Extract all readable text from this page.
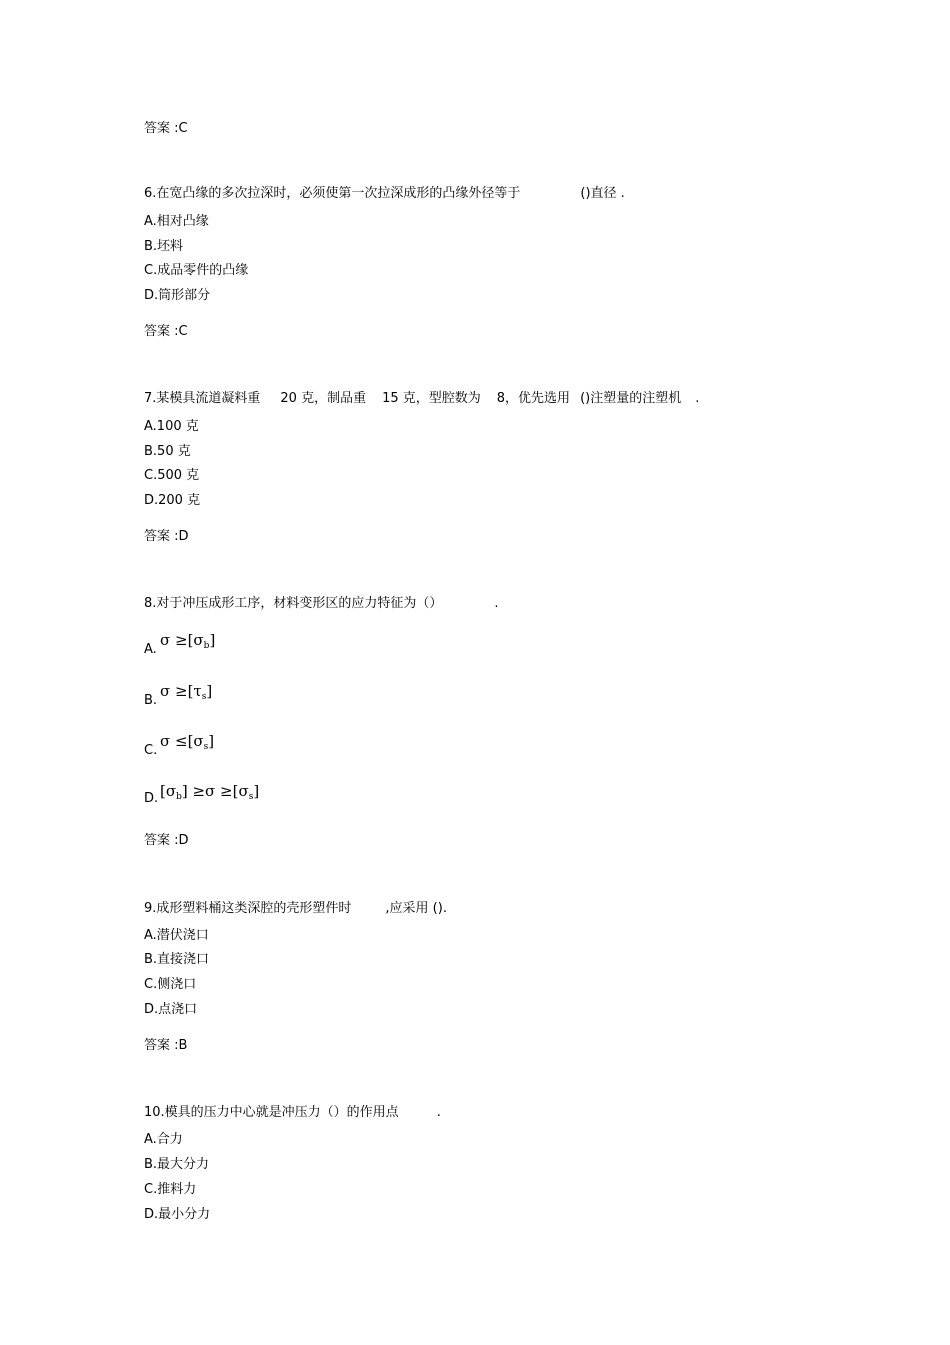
答案 :C
6.在宽凸缘的多次拉深时，必须使第一次拉深成形的凸缘外径等于	()直径 .
A.相对凸缘
B.坯料
C.成品零件的凸缘
D.筒形部分
答案 :C
7.某模具流道凝料重 20 克，制品重 15 克，型腔数为 8，优先选用 ()注塑量的注塑机 .
A.100 克
B.50 克
C.500 克
D.200 克
答案 :D
8.对于冲压成形工序，材料变形区的应力特征为（）	.
A.
$\sigma \ge[\sigma_b]$
B.
$\sigma \ge[\tau_s]$
C.
$\sigma \le[\sigma_s]$
D. $[\sigma_b] \ge\sigma \ge[\sigma_s]$
答案 :D
9.成形塑料桶这类深腔的壳形塑件时	,应采用 ().
A.潜伏浇口
B.直接浇口
C.侧浇口
D.点浇口
答案 :B
10.模具的压力中心就是冲压力（）的作用点	.
A.合力
B.最大分力
C.推料力
D.最小分力
